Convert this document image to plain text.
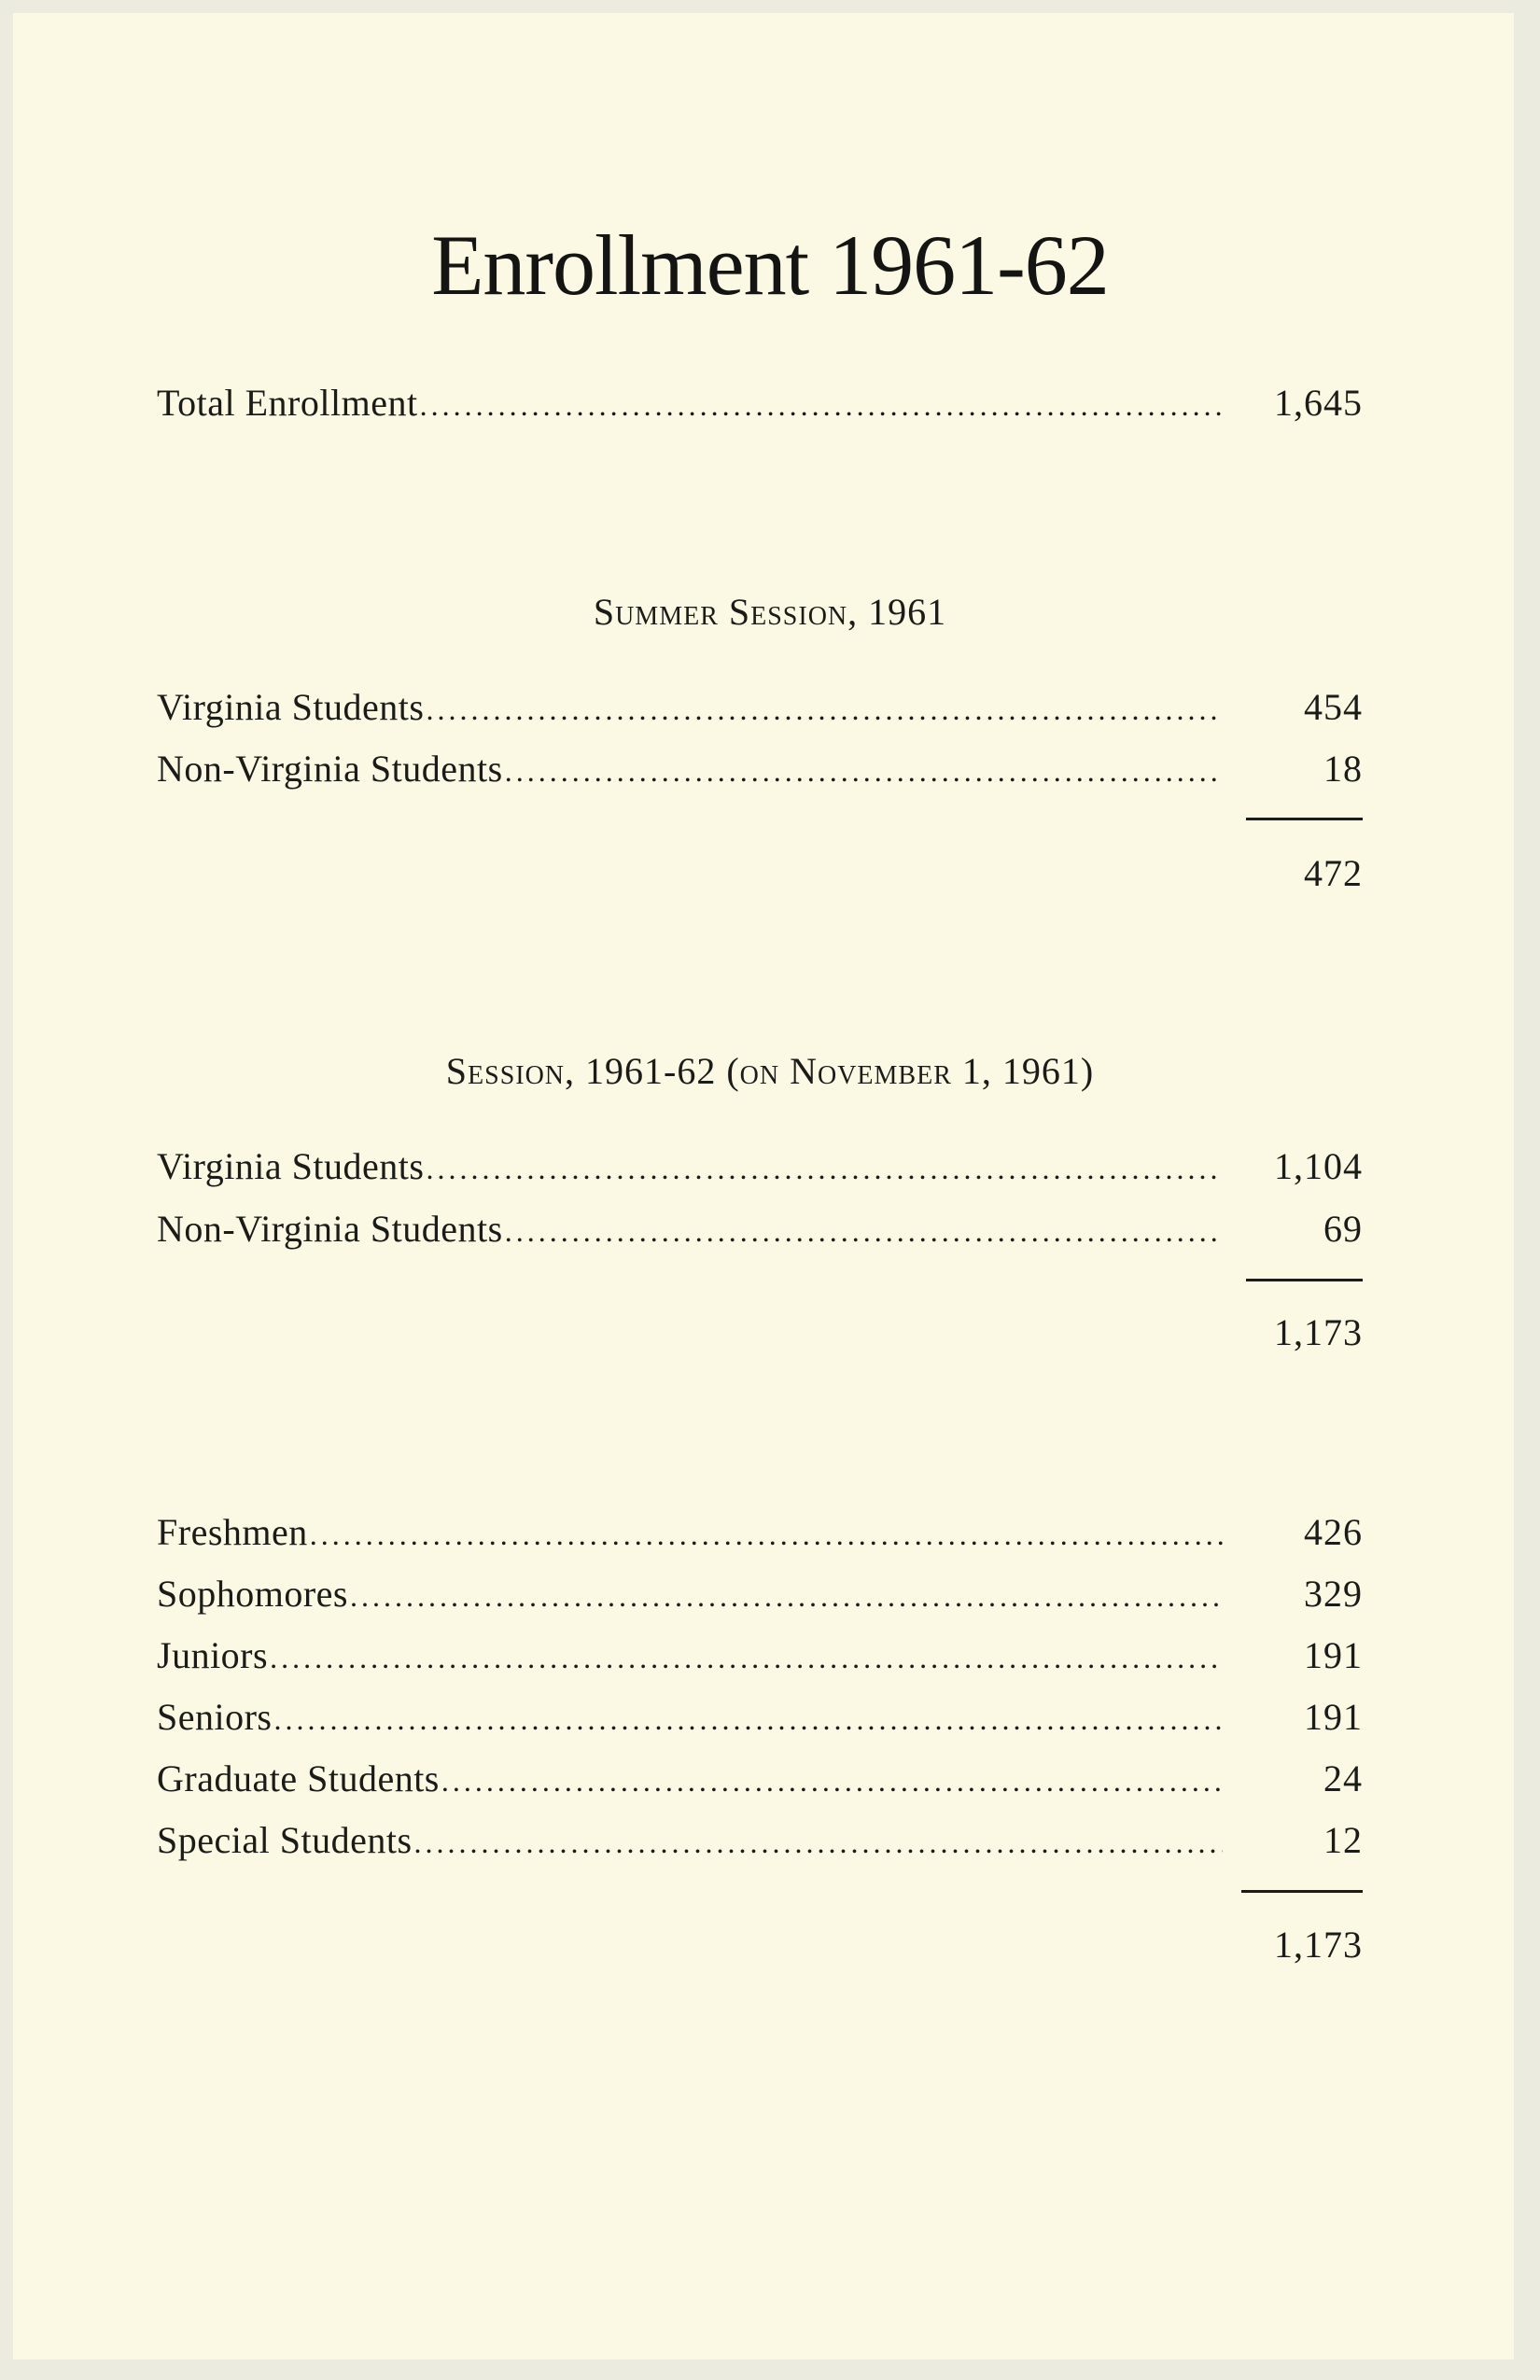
Enrollment 1961-62
Total Enrollment .....	1,645
Summer Session, 1961
Virginia Students .....	454
Non-Virginia Students .....	18
472
Session, 1961-62 (on November 1, 1961)
Virginia Students .....	1,104
Non-Virginia Students .....	69
1,173
Freshmen .....	426
Sophomores .....	329
Juniors .....	191
Seniors .....	191
Graduate Students .....	24
Special Students .....	12
1,173
